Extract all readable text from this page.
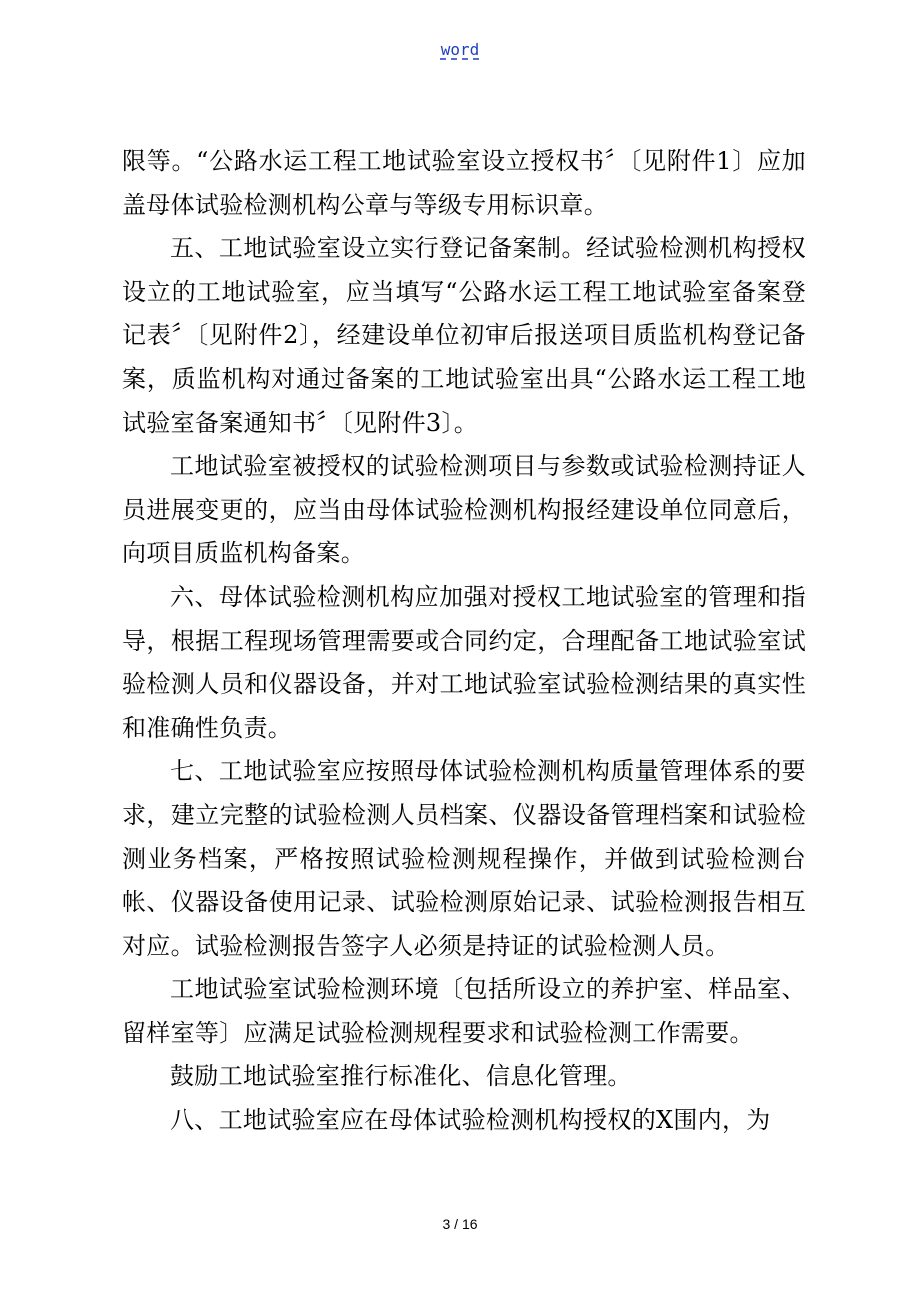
word

限等。“公路水运工程工地试验室设立授权书〞〔见附件1〕应加盖母体试验检测机构公章与等级专用标识章。

五、工地试验室设立实行登记备案制。经试验检测机构授权设立的工地试验室，应当填写“公路水运工程工地试验室备案登记表〞〔见附件2〕，经建设单位初审后报送项目质监机构登记备案，质监机构对通过备案的工地试验室出具“公路水运工程工地试验室备案通知书〞〔见附件3〕。

工地试验室被授权的试验检测项目与参数或试验检测持证人员进展变更的，应当由母体试验检测机构报经建设单位同意后，向项目质监机构备案。

六、母体试验检测机构应加强对授权工地试验室的管理和指导，根据工程现场管理需要或合同约定，合理配备工地试验室试验检测人员和仪器设备，并对工地试验室试验检测结果的真实性和准确性负责。

七、工地试验室应按照母体试验检测机构质量管理体系的要求，建立完整的试验检测人员档案、仪器设备管理档案和试验检测业务档案，严格按照试验检测规程操作，并做到试验检测台帐、仪器设备使用记录、试验检测原始记录、试验检测报告相互对应。试验检测报告签字人必须是持证的试验检测人员。

工地试验室试验检测环境〔包括所设立的养护室、样品室、留样室等〕应满足试验检测规程要求和试验检测工作需要。

鼓励工地试验室推行标准化、信息化管理。

八、工地试验室应在母体试验检测机构授权的X围内，为

3 / 16
